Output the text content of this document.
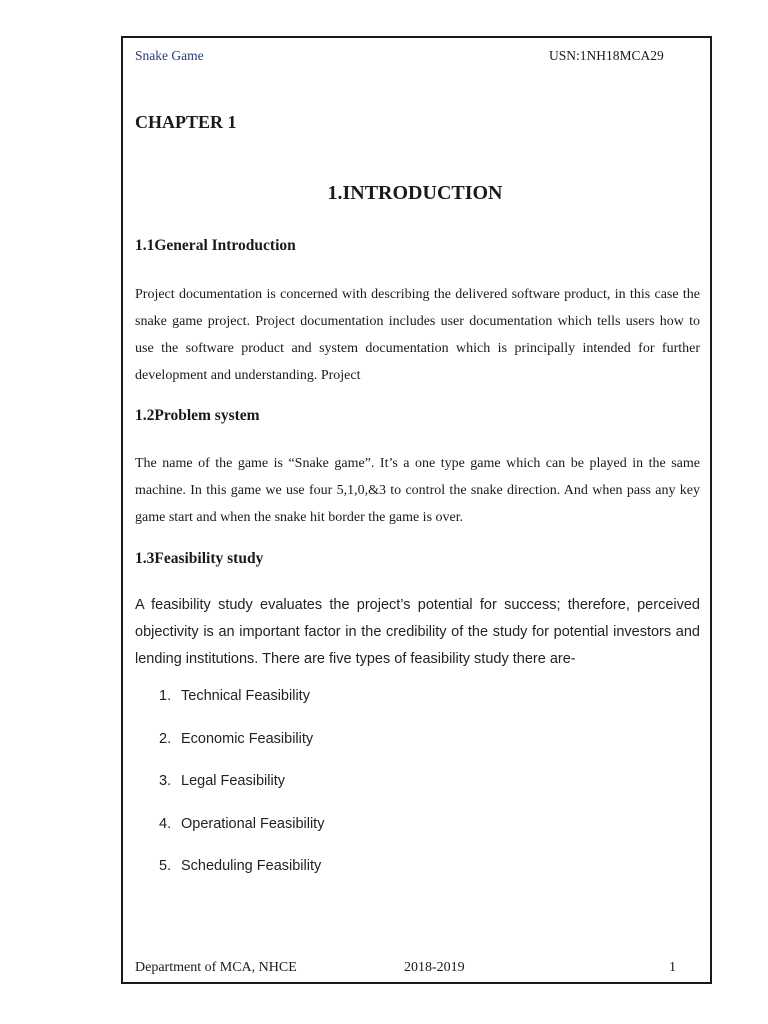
Snake Game	USN:1NH18MCA29
CHAPTER 1
1.INTRODUCTION
1.1General Introduction
Project documentation is concerned with describing the delivered software product, in this case the snake game project. Project documentation includes user documentation which tells users how to use the software product and system documentation which is principally intended for further development and understanding. Project
1.2Problem system
The name of the game is “Snake game”. It’s a one type game which can be played in the same machine. In this game we use four 5,1,0,&3 to control the snake direction. And when pass any key game start and when the snake hit border the game is over.
1.3Feasibility study
A feasibility study evaluates the project’s potential for success; therefore, perceived objectivity is an important factor in the credibility of the study for potential investors and lending institutions. There are five types of feasibility study there are-
1. Technical Feasibility
2. Economic Feasibility
3. Legal Feasibility
4. Operational Feasibility
5. Scheduling Feasibility
Department of MCA, NHCE	2018-2019	1
